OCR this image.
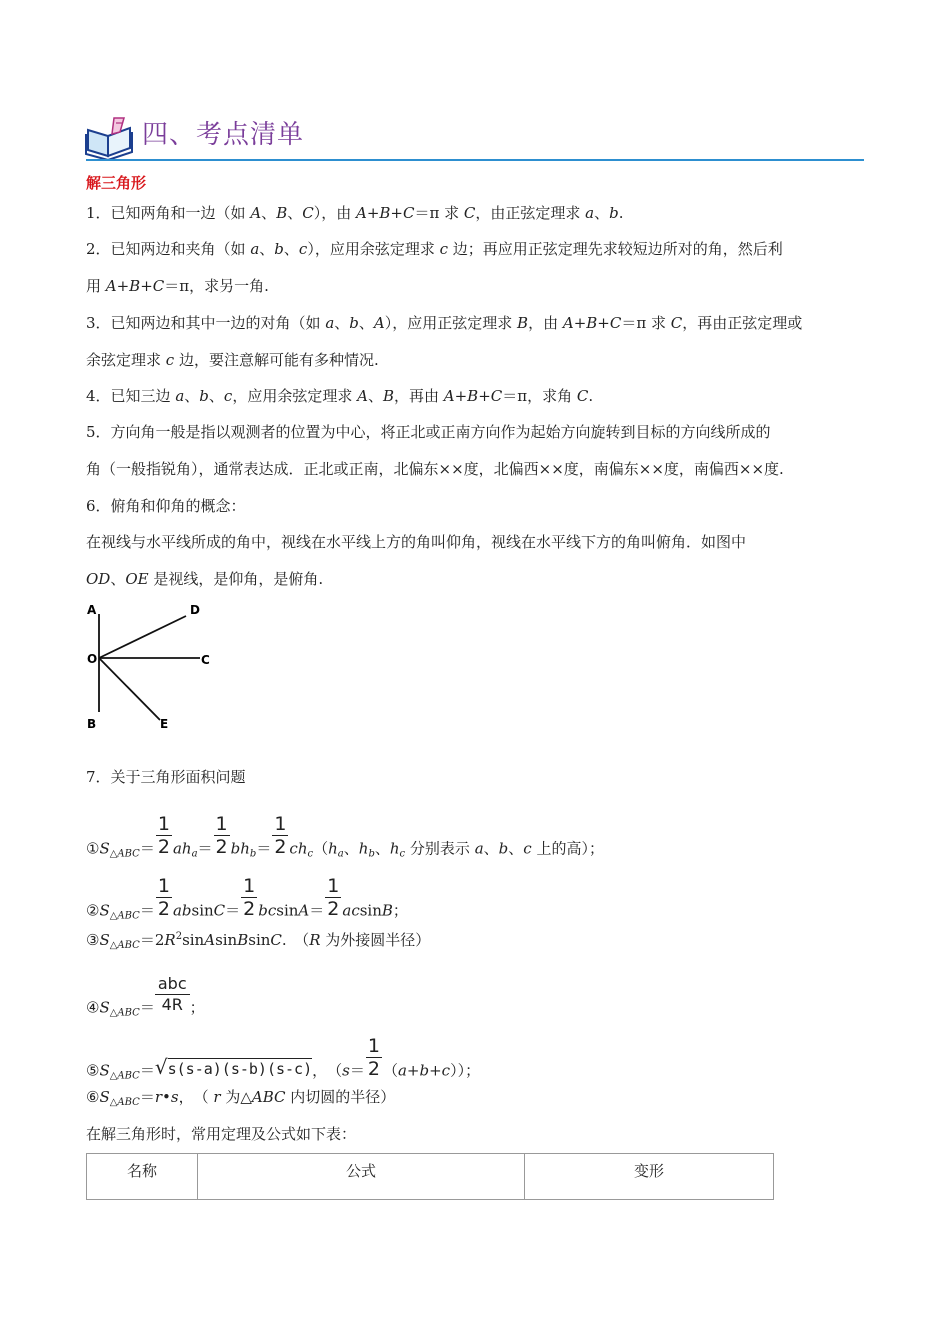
四、考点清单
解三角形
1．已知两角和一边（如 A、B、C），由 A+B+C＝π 求 C，由正弦定理求 a、b.
2．已知两边和夹角（如 a、b、c），应用余弦定理求 c 边；再应用正弦定理先求较短边所对的角，然后利
用 A+B+C＝π，求另一角.
3．已知两边和其中一边的对角（如 a、b、A），应用正弦定理求 B，由 A+B+C＝π 求 C，再由正弦定理或
余弦定理求 c 边，要注意解可能有多种情况.
4．已知三边 a、b、c，应用余弦定理求 A、B，再由 A+B+C＝π，求角 C.
5．方向角一般是指以观测者的位置为中心，将正北或正南方向作为起始方向旋转到目标的方向线所成的
角（一般指锐角），通常表达成．正北或正南，北偏东××度，北偏西××度，南偏东××度，南偏西××度.
6．俯角和仰角的概念：
在视线与水平线所成的角中，视线在水平线上方的角叫仰角，视线在水平线下方的角叫俯角．如图中
OD、OE 是视线，是仰角，是俯角.
A	D
O	C
B	E
7．关于三角形面积问题
$①S_{\triangle ABC}= \frac{1}{2} ah_a= \frac{1}{2} bh_b= \frac{1}{2} ch_c(h_a$、$h_b$、$h_c$ 分别表示 a、b、c 上的高）；
$②S_{\triangle ABC}= \frac{1}{2} absinC= \frac{1}{2} bcsinA= \frac{1}{2}$ acsinB；
$③S_{\triangle ABC}=2R^2sinAsinBsinC$.　（R 为外接圆半径）
$④S_{\triangle ABC}= \frac{\text{abc}}{4R}$ ；
$⑤S_{\triangle ABC}=√s(s-a)(s-b)(s-c)$，　 $(s= \frac{1}{2} (a+b+c))$；
$⑥S_{\triangle ABC}=r•s$，　 （ r 为△ABC 内切圆的半径）
在解三角形时，常用定理及公式如下表：
名称	公式	变形
